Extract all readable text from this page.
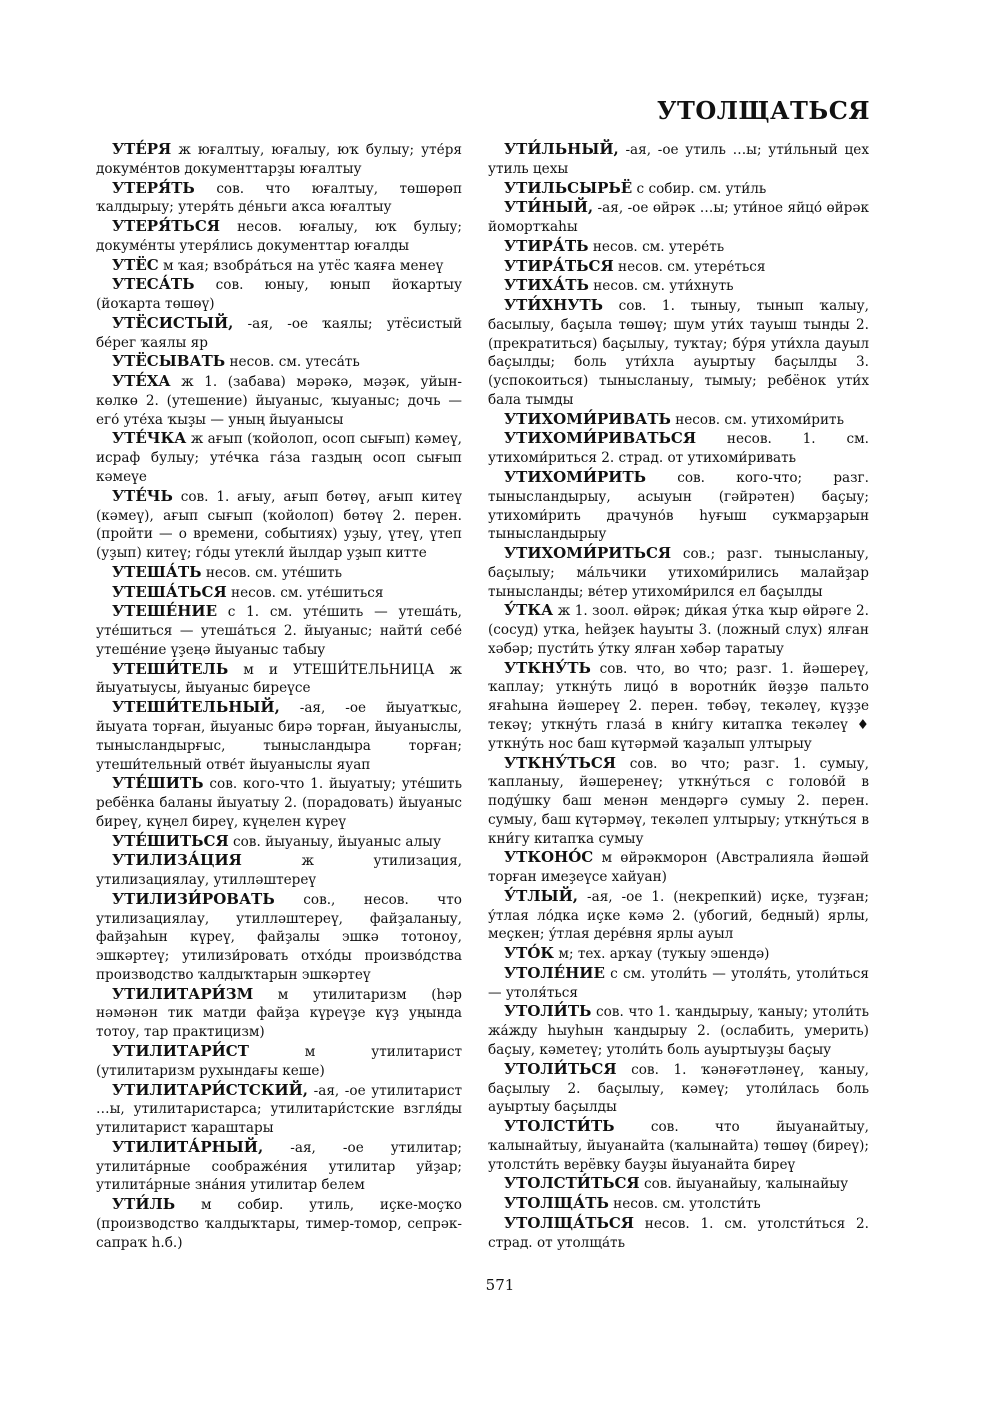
УТОЛЩАТЬСЯ

УТЕ́РЯ ж юғалтыу, юғалыу, юҡ булыу; уте́ря докуме́нтов документтарҙы юғалтыу

УТЕРЯ́ТЬ сов. что юғалтыу, төшөрөп ҡалдырыу; утеря́ть де́ньги аҡса юғалтыу

УТЕРЯ́ТЬСЯ несов. юғалыу, юҡ булыу; докуме́нты утеря́лись документтар юғалды

УТЁС м ҡая; взобра́ться на утёс ҡаяға менеү

УТЕСА́ТЬ сов. юныу, юнып йоҡартыу (йоҡарта төшөү)

УТЁСИСТЫЙ, -ая, -ое ҡаялы; утёсистый бе́рег ҡаялы яр

УТЁСЫВАТЬ несов. см. утеса́ть

УТЕ́ХА ж 1. (забава) мәрәкә, мәҙәк, уйын-көлкө 2. (утешение) йыуаныс, ҡыуаныс; дочь — его́ уте́ха ҡыҙы — уның йыуанысы

УТЕ́ЧКА ж ағып (ҡойолоп, осоп сығып) кәмеү, исраф булыу; уте́чка га́за газдың осоп сығып кәмеүе

УТЕ́ЧЬ сов. 1. ағыу, ағып бөтөү, ағып китеү (кәмеү), ағып сығып (ҡойолоп) бөтөү 2. перен. (пройти — о времени, событиях) уҙыу, үтеү, үтеп (уҙып) китеү; го́ды утекли́ йылдар уҙып китте

УТЕША́ТЬ несов. см. уте́шить

УТЕША́ТЬСЯ несов. см. уте́шиться

УТЕШЕ́НИЕ с 1. см. уте́шить — утеша́ть, уте́шиться — утеша́ться 2. йыуаныс; найти́ себе́ утеше́ние үҙеңә йыуаныс табыу

УТЕШИ́ТЕЛЬ м и УТЕШИ́ТЕЛЬНИЦА ж йыуатыусы, йыуаныс биреүсе

УТЕШИ́ТЕЛЬНЫЙ, -ая, -ое йыуатҡыс, йыуата торған, йыуаныс бирә торған, йыуаныслы, тынысландырғыс, тынысландыра торған; утеши́тельный отве́т йыуаныслы яуап

УТЕ́ШИТЬ сов. кого-что 1. йыуатыу; уте́шить ребёнка баланы йыуатыу 2. (порадовать) йыуаныс биреү, күңел биреү, күңелен күреү

УТЕ́ШИТЬСЯ сов. йыуаныу, йыуаныс алыу

УТИЛИЗА́ЦИЯ	ж утилизация, утилизациялау, утилләштереү

УТИЛИЗИ́РОВАТЬ сов., несов. что утилизациялау, утилләштереү, файҙаланыу, файҙаһын күреү, файҙалы эшкә тотоноу, эшкәртеү; утилизи́ровать отхо́ды произво́дства производство ҡалдыҡтарын эшкәртеү

УТИЛИТАРИ́ЗМ м утилитаризм (һәр нәмәнән тик матди файҙа күреүҙе күҙ уңында тотоу, тар практицизм)

УТИЛИТАРИ́СТ	м утилитарист (утилитаризм рухындағы кеше)

УТИЛИТАРИ́СТСКИЙ, -ая, -ое утилитарист …ы, утилитаристарса; утилитари́стские взгля́ды утилитарист ҡараштары

УТИЛИТА́РНЫЙ, -ая, -ое утилитар; утилита́рные соображе́ния утилитар уйҙар; утилита́рные зна́ния утилитар белем

УТИ́ЛЬ м собир. утиль, иҫке-моҫҡо (производство ҡалдыҡтары, тимер-томор, сепрәк-сапраҡ һ.б.)

УТИ́ЛЬНЫЙ, -ая, -ое утиль …ы; ути́льный цех утиль цехы

УТИЛЬСЫРЬЁ с собир. см. ути́ль

УТИ́НЫЙ, -ая, -ое өйрәк …ы; ути́ное яйцо́ өйрәк йомортҡаһы

УТИРА́ТЬ несов. см. утере́ть

УТИРА́ТЬСЯ несов. см. утере́ться

УТИХА́ТЬ несов. см. ути́хнуть

УТИ́ХНУТЬ сов. 1. тыныу, тынып ҡалыу, басылыу, баҫыла төшөү; шум ути́х тауыш тынды 2. (прекратиться) баҫылыу, туҡтау; бу́ря ути́хла дауыл баҫылды; боль ути́хла ауыртыу баҫылды 3. (успокоиться) тынысланыу, тымыу; ребёнок ути́х бала тымды

УТИХОМИ́РИВАТЬ несов. см. утихоми́рить

УТИХОМИ́РИВАТЬСЯ несов. 1. см. утихоми́риться 2. страд. от утихоми́ривать

УТИХОМИ́РИТЬ сов. кого-что; разг. тынысландырыу, асыуын (гәйрәтен) баҫыу; утихоми́рить драчуно́в һуғыш суҡмарҙарын тынысландырыу

УТИХОМИ́РИТЬСЯ сов.; разг. тынысланыу, баҫылыу; ма́льчики утихоми́рились малайҙар тынысланды; ве́тер утихоми́рился ел баҫылды

У́ТКА ж 1. зоол. өйрәк; ди́кая у́тка ҡыр өйрәге 2. (сосуд) утка, һейҙек һауыты 3. (ложный слух) ялған хәбәр; пусти́ть у́тку ялған хәбәр таратыу

УТКНУ́ТЬ сов. что, во что; разг. 1. йәшереү, ҡаплау; уткну́ть лицо́ в воротни́к йөҙҙө пальто яғаһына йәшереү 2. перен. төбәү, текәлеү, күҙҙе текәү; уткну́ть глаза́ в кни́гу китапҡа текәлеү ♦ уткну́ть нос баш күтәрмәй ҡаҙалып ултырыу

УТКНУ́ТЬСЯ сов. во что; разг. 1. сумыу, ҡапланыу, йәшеренеү; уткну́ться с голово́й в поду́шку баш менән мендәргә сумыу 2. перен. сумыу, баш күтәрмәү, текәлеп ултырыу; уткну́ться в кни́гу китапҡа сумыу

УТКОНО́С м өйрәкморон (Австралияла йәшәй торған имеҙеүсе хайуан)

У́ТЛЫЙ, -ая, -ое 1. (некрепкий) иҫке, туҙған; у́тлая ло́дка иҫке кәмә 2. (убогий, бедный) ярлы, меҫкен; у́тлая дере́вня ярлы ауыл

УТО́К м; тех. арҡау (туҡыу эшендә)

УТОЛЕ́НИЕ с см. утоли́ть — утоля́ть, утоли́ться — утоля́ться

УТОЛИ́ТЬ сов. что 1. ҡандырыу, ҡаныу; утоли́ть жа́жду һыуһын ҡандырыу 2. (ослабить, умерить) баҫыу, кәметеү; утоли́ть боль ауыртыуҙы баҫыу

УТОЛИ́ТЬСЯ сов. 1. ҡәнәғәтләнеү, ҡаныу, баҫылыу 2. баҫылыу, кәмеү; утоли́лась боль ауыртыу баҫылды

УТОЛСТИ́ТЬ	сов. что йыуанайтыу, ҡалынайтыу, йыуанайта (ҡалынайта) төшөү (биреү); утолсти́ть верёвку бауҙы йыуанайта биреү

УТОЛСТИ́ТЬСЯ сов. йыуанайыу, ҡалынайыу

УТОЛЩА́ТЬ несов. см. утолсти́ть

УТОЛЩА́ТЬСЯ несов. 1. см. утолсти́ться 2. страд. от утолща́ть

571
